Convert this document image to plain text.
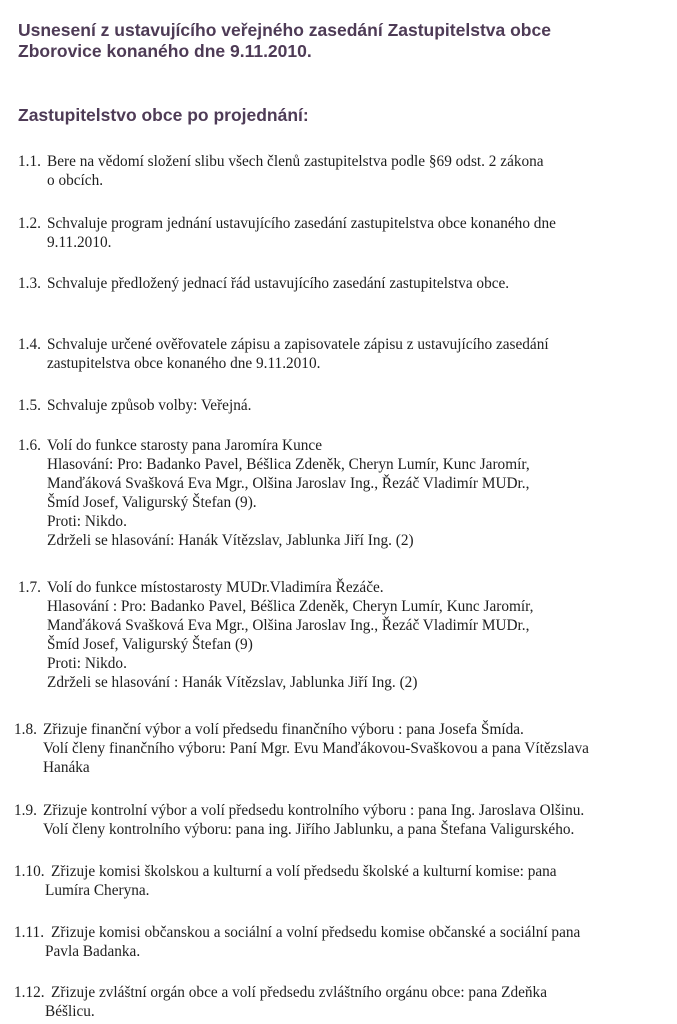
Usnesení z ustavujícího veřejného zasedání Zastupitelstva obce
Zborovice konaného dne 9.11.2010.
Zastupitelstvo obce po projednání:
1.1. Bere na vědomí složení slibu všech členů zastupitelstva podle §69 odst. 2 zákona
o obcích.
1.2. Schvaluje program jednání ustavujícího zasedání zastupitelstva obce konaného dne
9.11.2010.
1.3. Schvaluje předložený jednací řád ustavujícího zasedání zastupitelstva obce.
1.4. Schvaluje určené ověřovatele zápisu a zapisovatele zápisu z ustavujícího zasedání
zastupitelstva obce konaného dne 9.11.2010.
1.5. Schvaluje způsob volby: Veřejná.
1.6. Volí do funkce starosty pana Jaromíra Kunce
Hlasování: Pro: Badanko Pavel, Béšlica Zdeněk, Cheryn Lumír, Kunc Jaromír,
Manďáková Svašková Eva Mgr., Olšina Jaroslav Ing., Řezáč Vladimír MUDr.,
Šmíd Josef, Valigurský Štefan (9).
Proti: Nikdo.
Zdrželi se hlasování: Hanák Vítězslav, Jablunka Jiří Ing. (2)
1.7. Volí do funkce místostarosty MUDr.Vladimíra Řezáče.
Hlasování : Pro: Badanko Pavel, Béšlica Zdeněk, Cheryn Lumír, Kunc Jaromír,
Manďáková Svašková Eva Mgr., Olšina Jaroslav Ing., Řezáč Vladimír MUDr.,
Šmíd Josef, Valigurský Štefan (9)
Proti: Nikdo.
Zdrželi se hlasování : Hanák Vítězslav, Jablunka Jiří Ing. (2)
1.8. Zřizuje finanční výbor a volí předsedu finančního výboru : pana Josefa Šmída.
Volí členy finančního výboru: Paní Mgr. Evu Manďákovou-Svaškovou a pana Vítězslava
Hanáka
1.9. Zřizuje kontrolní výbor a volí předsedu kontrolního výboru : pana Ing. Jaroslava Olšinu.
Volí členy kontrolního výboru: pana ing. Jiřího Jablunku, a pana Štefana Valigurského.
1.10. Zřizuje komisi školskou a kulturní a volí předsedu školské a kulturní komise: pana
Lumíra Cheryna.
1.11. Zřizuje komisi občanskou a sociální a volní předsedu komise občanské a sociální pana
Pavla Badanka.
1.12. Zřizuje zvláštní orgán obce a volí předsedu zvláštního orgánu obce: pana Zdeňka
Béšlicu.
